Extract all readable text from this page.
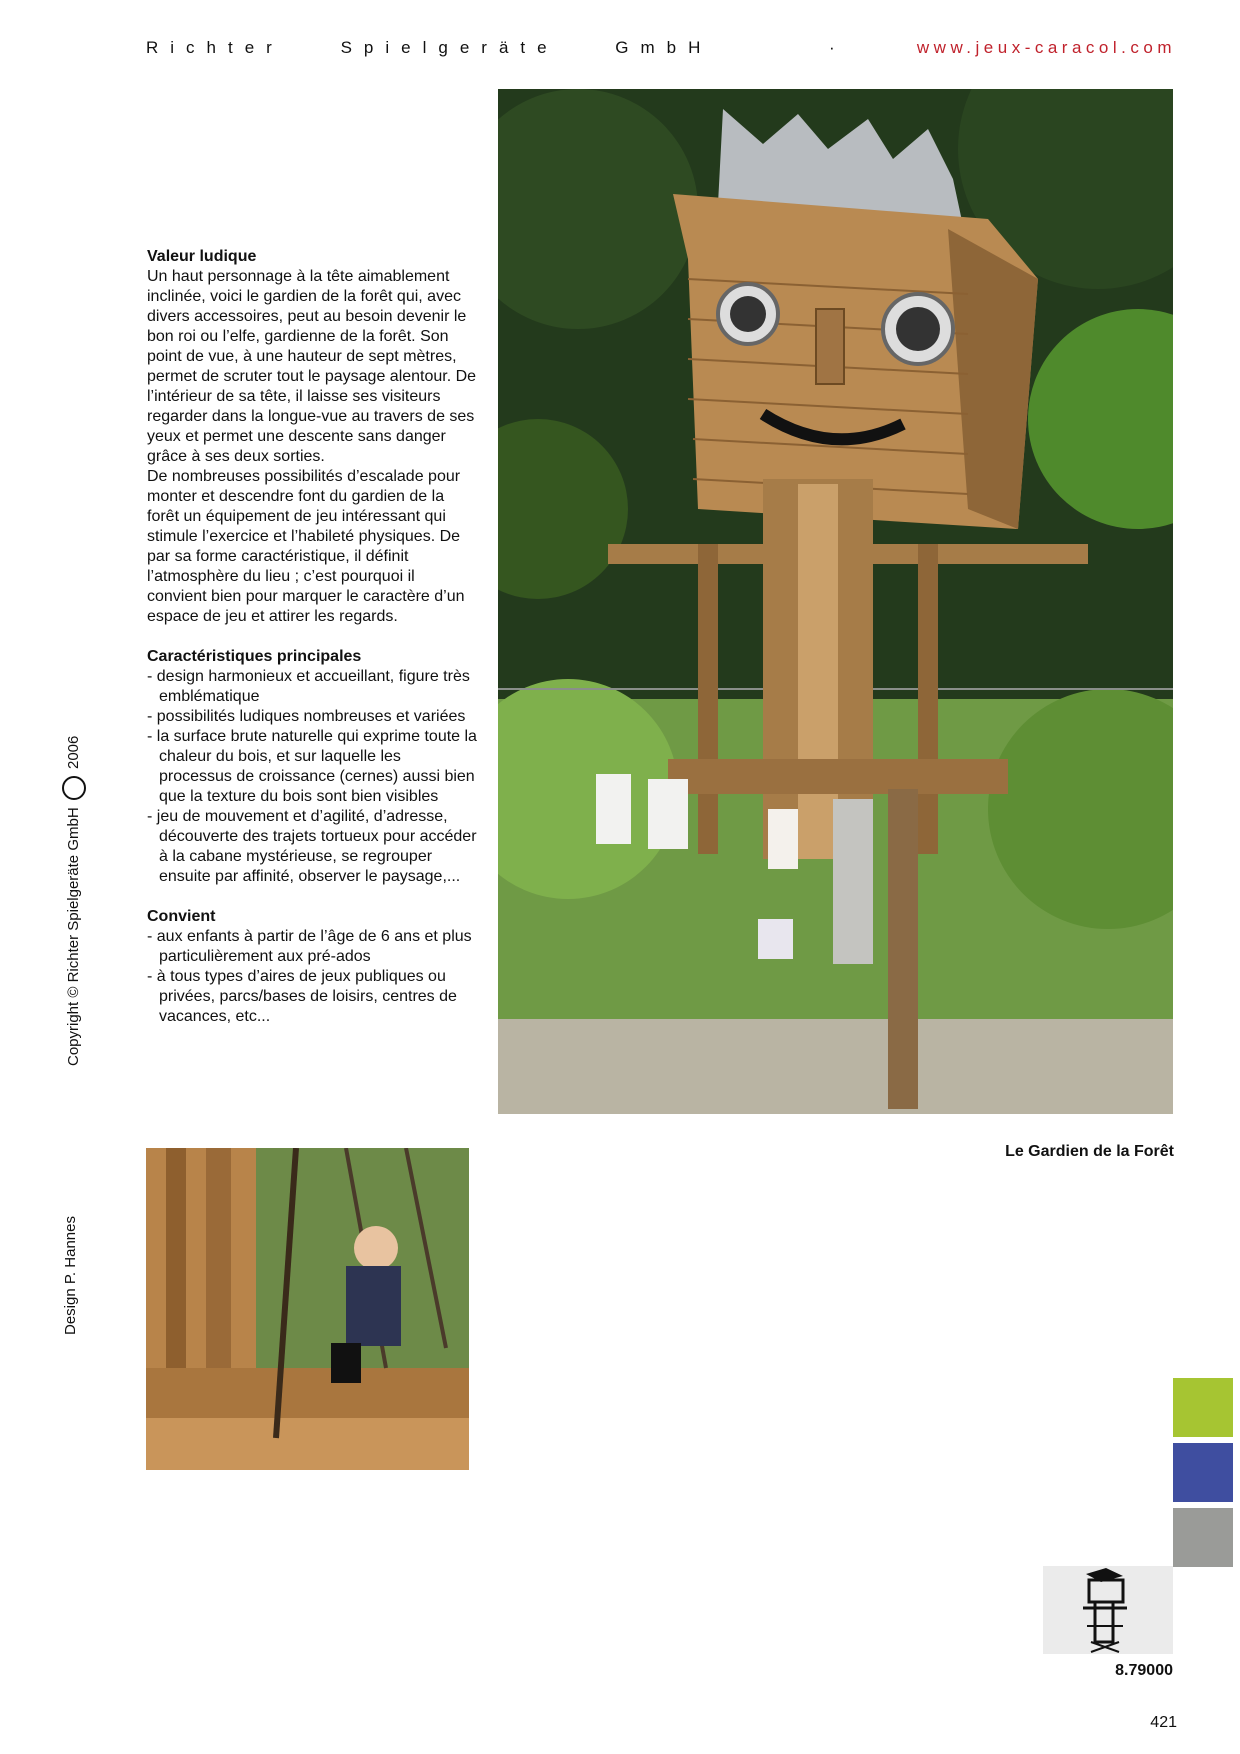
Richter Spielgeräte GmbH	·	www.jeux-caracol.com
Valeur ludique

Un haut personnage à la tête aimablement inclinée, voici le gardien de la forêt qui, avec divers accessoires, peut au besoin devenir le bon roi ou l’elfe, gardienne de la forêt. Son point de vue, à une hauteur de sept mètres, permet de scruter tout le paysage alentour. De l’intérieur de sa tête, il laisse ses visiteurs regarder dans la longue-vue au travers de ses yeux et permet une descente sans danger grâce à ses deux sorties.

De nombreuses possibilités d’escalade pour monter et descendre font du gardien de la forêt un équipement de jeu intéressant qui stimule l’exercice et l’habileté physiques. De par sa forme caractéristique, il définit l’atmosphère du lieu ; c’est pourquoi il convient bien pour marquer le caractère d’un espace de jeu et attirer les regards.

Caractéristiques principales
- design harmonieux et accueillant, figure très emblématique
- possibilités ludiques nombreuses et variées
- la surface brute naturelle qui exprime toute la chaleur du bois, et sur laquelle les processus de croissance (cernes) aussi bien que la texture du bois sont bien visibles
- jeu de mouvement et d’agilité, d’adresse, découverte des trajets tortueux pour accéder à la cabane mystérieuse, se regrouper ensuite par affinité, observer le paysage,...
Convient
- aux enfants à partir de l’âge de 6 ans et plus particulièrement aux pré-ados
- à tous types d’aires de jeux publiques ou privées, parcs/bases de loisirs, centres de vacances, etc...
Copyright © Richter Spielgeräte GmbH  2006
Design P. Hannes
Le Gardien de la Forêt
8.79000
421
